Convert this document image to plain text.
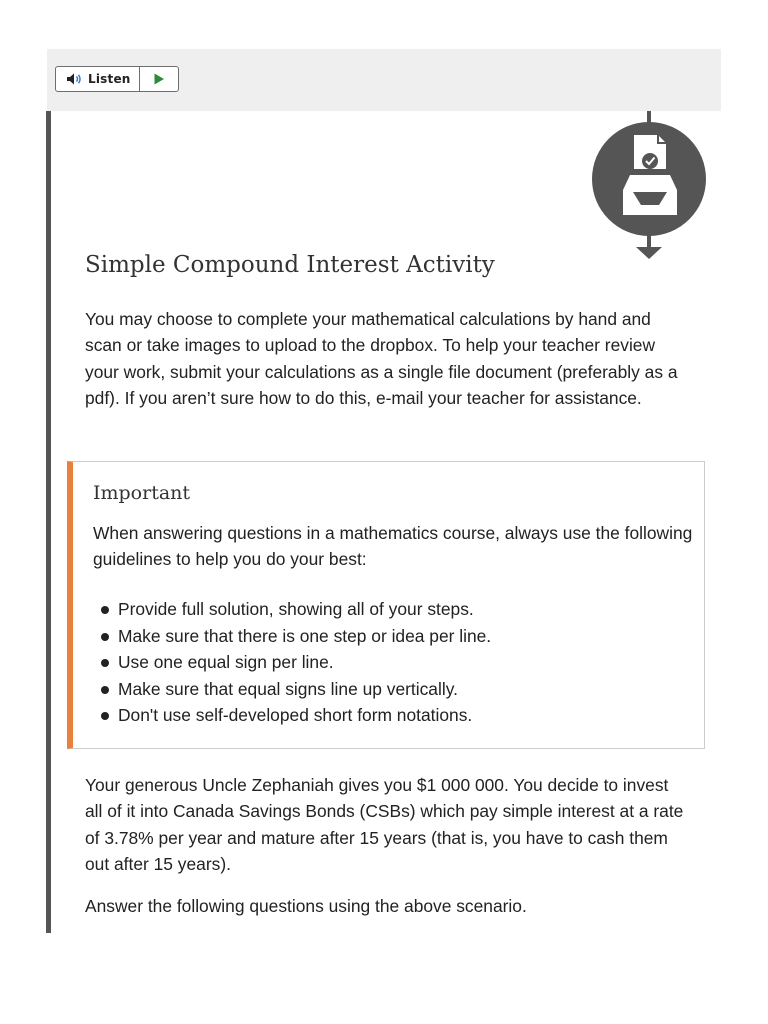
Listen
Simple Compound Interest Activity

You may choose to complete your mathematical calculations by hand and scan or take images to upload to the dropbox. To help your teacher review your work, submit your calculations as a single file document (preferably as a pdf). If you aren’t sure how to do this, e-mail your teacher for assistance.

Important

When answering questions in a mathematics course, always use the following guidelines to help you do your best:

Provide full solution, showing all of your steps.
Make sure that there is one step or idea per line.
Use one equal sign per line.
Make sure that equal signs line up vertically.
Don't use self-developed short form notations.

Your generous Uncle Zephaniah gives you $1 000 000. You decide to invest all of it into Canada Savings Bonds (CSBs) which pay simple interest at a rate of 3.78% per year and mature after 15 years (that is, you have to cash them out after 15 years).

Answer the following questions using the above scenario.
